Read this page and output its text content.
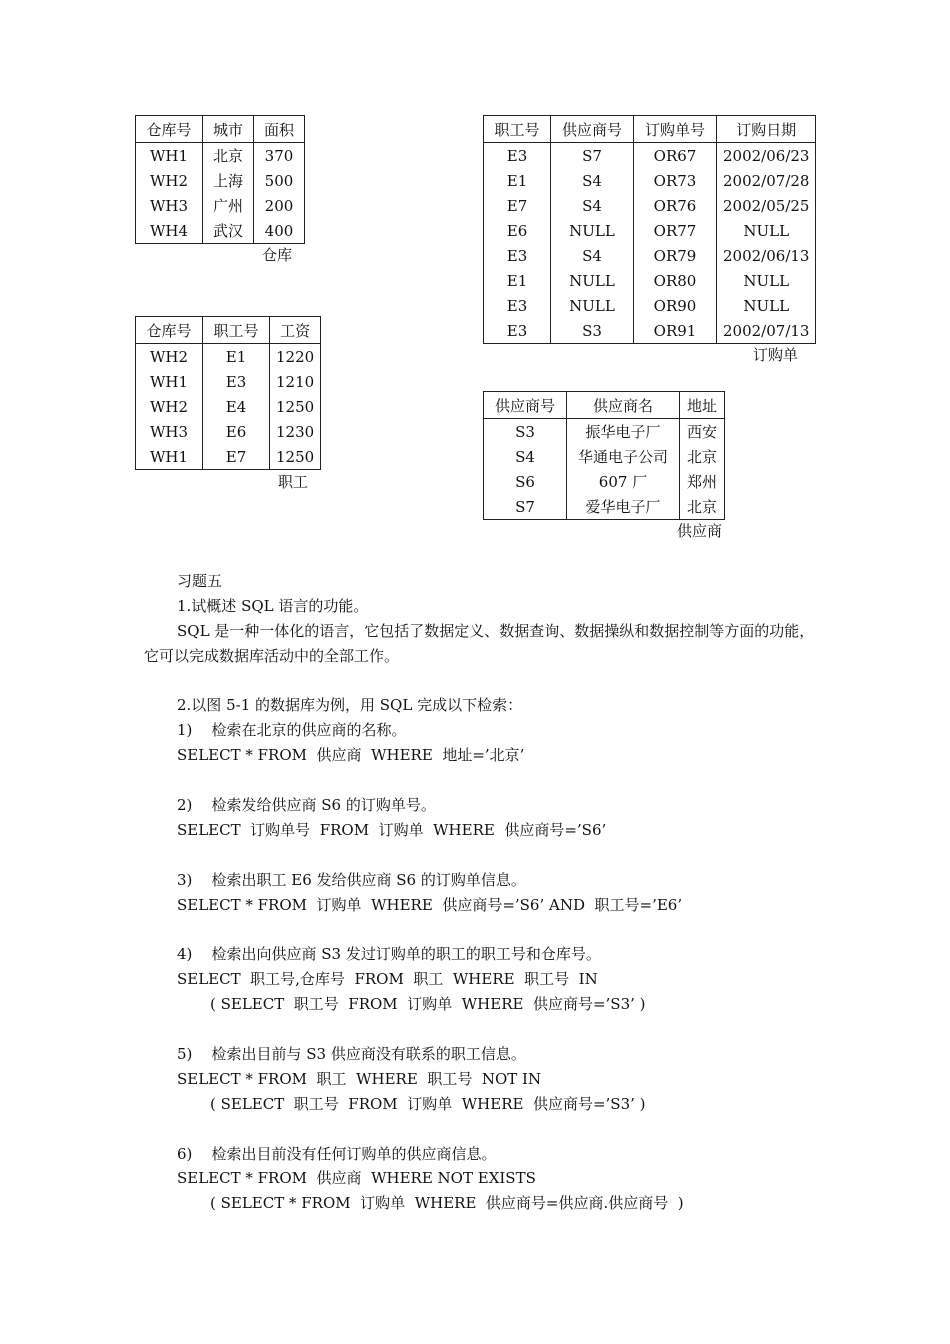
仓库号	城市	面积
WH1	北京	370
WH2	上海	500
WH3	广州	200
WH4	武汉	400
仓库
仓库号	职工号	工资
WH2	E1	1220
WH1	E3	1210
WH2	E4	1250
WH3	E6	1230
WH1	E7	1250
职工
职工号	供应商号	订购单号	订购日期
E3	S7	OR67	2002/06/23
E1	S4	OR73	2002/07/28
E7	S4	OR76	2002/05/25
E6	NULL	OR77	NULL
E3	S4	OR79	2002/06/13
E1	NULL	OR80	NULL
E3	NULL	OR90	NULL
E3	S3	OR91	2002/07/13
订购单
供应商号	供应商名	地址
S3	振华电子厂	西安
S4	华通电子公司	北京
S6	607 厂	郑州
S7	爱华电子厂	北京
供应商
习题五
1.试概述 SQL 语言的功能。
SQL 是一种一体化的语言，它包括了数据定义、数据查询、数据操纵和数据控制等方面的功能，它可以完成数据库活动中的全部工作。
2.以图 5-1 的数据库为例，用 SQL 完成以下检索：
1) 检索在北京的供应商的名称。
SELECT * FROM  供应商  WHERE  地址=’北京’
2) 检索发给供应商 S6 的订购单号。
SELECT  订购单号  FROM  订购单  WHERE  供应商号=’S6’
3) 检索出职工 E6 发给供应商 S6 的订购单信息。
SELECT * FROM  订购单  WHERE  供应商号=’S6’ AND  职工号=’E6’
4) 检索出向供应商 S3 发过订购单的职工的职工号和仓库号。
SELECT  职工号,仓库号  FROM  职工  WHERE  职工号  IN
( SELECT  职工号  FROM  订购单  WHERE  供应商号=’S3’ )
5) 检索出目前与 S3 供应商没有联系的职工信息。
SELECT * FROM  职工  WHERE  职工号  NOT IN
( SELECT  职工号  FROM  订购单  WHERE  供应商号=’S3’ )
6) 检索出目前没有任何订购单的供应商信息。
SELECT * FROM  供应商  WHERE NOT EXISTS
( SELECT * FROM  订购单  WHERE  供应商号=供应商.供应商号  )
